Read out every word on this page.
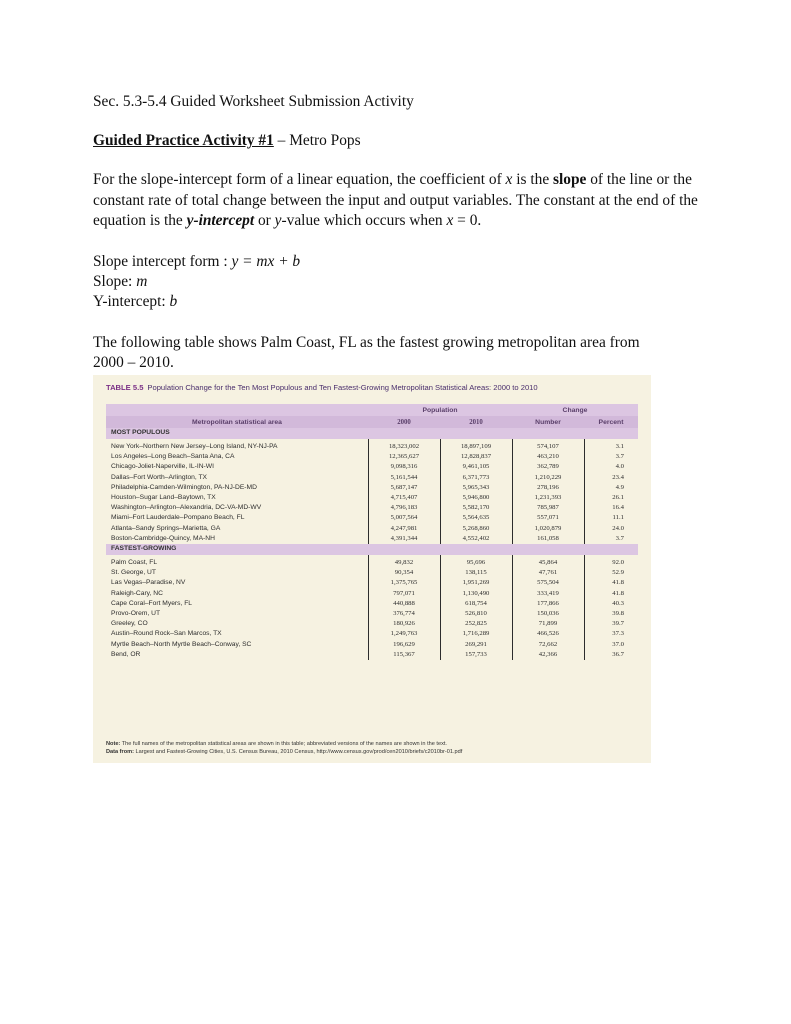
Sec. 5.3-5.4 Guided Worksheet Submission Activity
Guided Practice Activity #1 – Metro Pops

For the slope-intercept form of a linear equation, the coefficient of x is the slope of the line or the constant rate of total change between the input and output variables. The constant at the end of the equation is the y-intercept or y-value which occurs when x = 0.

Slope intercept form : y = mx + b
Slope: m
Y-intercept: b
The following table shows Palm Coast, FL as the fastest growing metropolitan area from
2000 – 2010.
TABLE 5.5 Population Change for the Ten Most Populous and Ten Fastest-Growing Metropolitan Statistical Areas: 2000 to 2010
	Population		Change	
Metropolitan statistical area	2000	2010	Number	Percent
MOST POPULOUS				

New York–Northern New Jersey–Long Island, NY-NJ-PA	18,323,002	18,897,109	574,107	3.1
Los Angeles–Long Beach–Santa Ana, CA	12,365,627	12,828,837	463,210	3.7
Chicago-Joliet-Naperville, IL-IN-WI	9,098,316	9,461,105	362,789	4.0
Dallas–Fort Worth–Arlington, TX	5,161,544	6,371,773	1,210,229	23.4
Philadelphia-Camden-Wilmington, PA-NJ-DE-MD	5,687,147	5,965,343	278,196	4.9
Houston–Sugar Land–Baytown, TX	4,715,407	5,946,800	1,231,393	26.1
Washington–Arlington–Alexandria, DC-VA-MD-WV	4,796,183	5,582,170	785,987	16.4
Miami–Fort Lauderdale–Pompano Beach, FL	5,007,564	5,564,635	557,071	11.1
Atlanta–Sandy Springs–Marietta, GA	4,247,981	5,268,860	1,020,879	24.0
Boston-Cambridge-Quincy, MA-NH	4,391,344	4,552,402	161,058	3.7
FASTEST-GROWING				

Palm Coast, FL	49,832	95,696	45,864	92.0
St. George, UT	90,354	138,115	47,761	52.9
Las Vegas–Paradise, NV	1,375,765	1,951,269	575,504	41.8
Raleigh-Cary, NC	797,071	1,130,490	333,419	41.8
Cape Coral–Fort Myers, FL	440,888	618,754	177,866	40.3
Provo-Orem, UT	376,774	526,810	150,036	39.8
Greeley, CO	180,926	252,825	71,899	39.7
Austin–Round Rock–San Marcos, TX	1,249,763	1,716,289	466,526	37.3
Myrtle Beach–North Myrtle Beach–Conway, SC	196,629	269,291	72,662	37.0
Bend, OR	115,367	157,733	42,366	36.7
Note: The full names of the metropolitan statistical areas are shown in this table; abbreviated versions of the names are shown in the text.
Data from: Largest and Fastest-Growing Cities, U.S. Census Bureau, 2010 Census, http://www.census.gov/prod/cen2010/briefs/c2010br-01.pdf
